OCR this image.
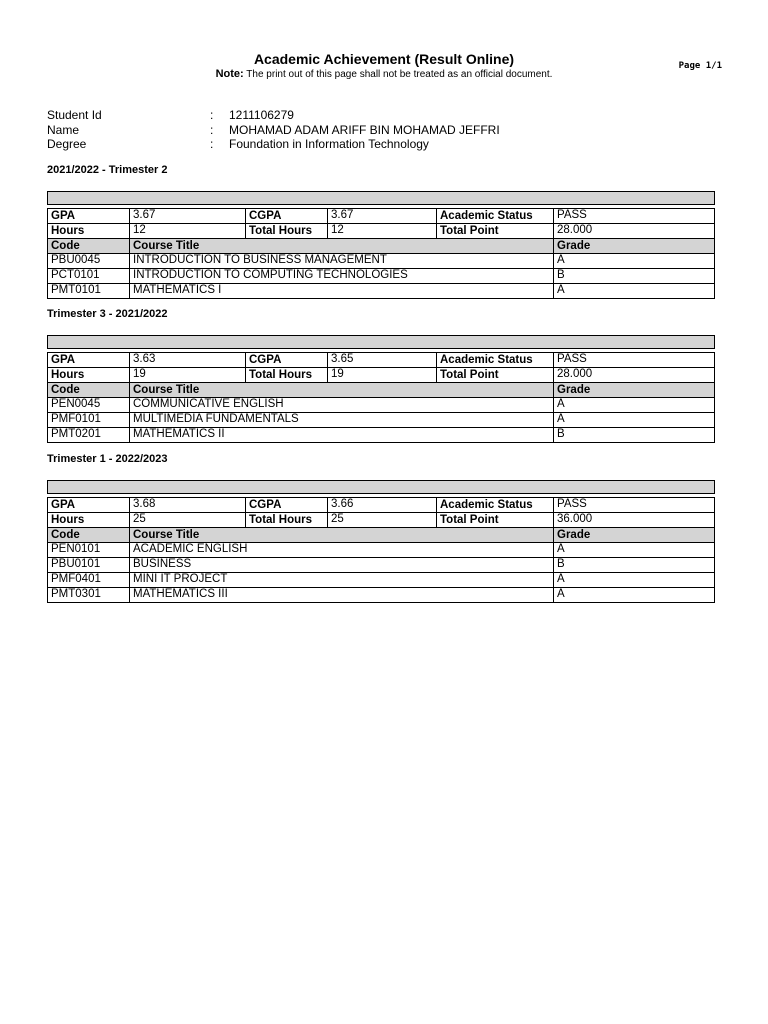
Academic Achievement (Result Online)
Note: The print out of this page shall not be treated as an official document.
Page 1/1
Student Id	:	1211106279
Name	:	MOHAMAD ADAM ARIFF BIN MOHAMAD JEFFRI
Degree	:	Foundation in Information Technology
2021/2022 - Trimester 2

GPA	3.67	CGPA	3.67	Academic Status	PASS
Hours	12	Total Hours	12	Total Point	28.000
Code	Course Title				Grade
PBU0045	INTRODUCTION TO BUSINESS MANAGEMENT				A
PCT0101	INTRODUCTION TO COMPUTING TECHNOLOGIES				B
PMT0101	MATHEMATICS I				A
Trimester 3 - 2021/2022

GPA	3.63	CGPA	3.65	Academic Status	PASS
Hours	19	Total Hours	19	Total Point	28.000
Code	Course Title				Grade
PEN0045	COMMUNICATIVE ENGLISH				A
PMF0101	MULTIMEDIA FUNDAMENTALS				A
PMT0201	MATHEMATICS II				B
Trimester 1 - 2022/2023

GPA	3.68	CGPA	3.66	Academic Status	PASS
Hours	25	Total Hours	25	Total Point	36.000
Code	Course Title				Grade
PEN0101	ACADEMIC ENGLISH				A
PBU0101	BUSINESS				B
PMF0401	MINI IT PROJECT				A
PMT0301	MATHEMATICS III				A
